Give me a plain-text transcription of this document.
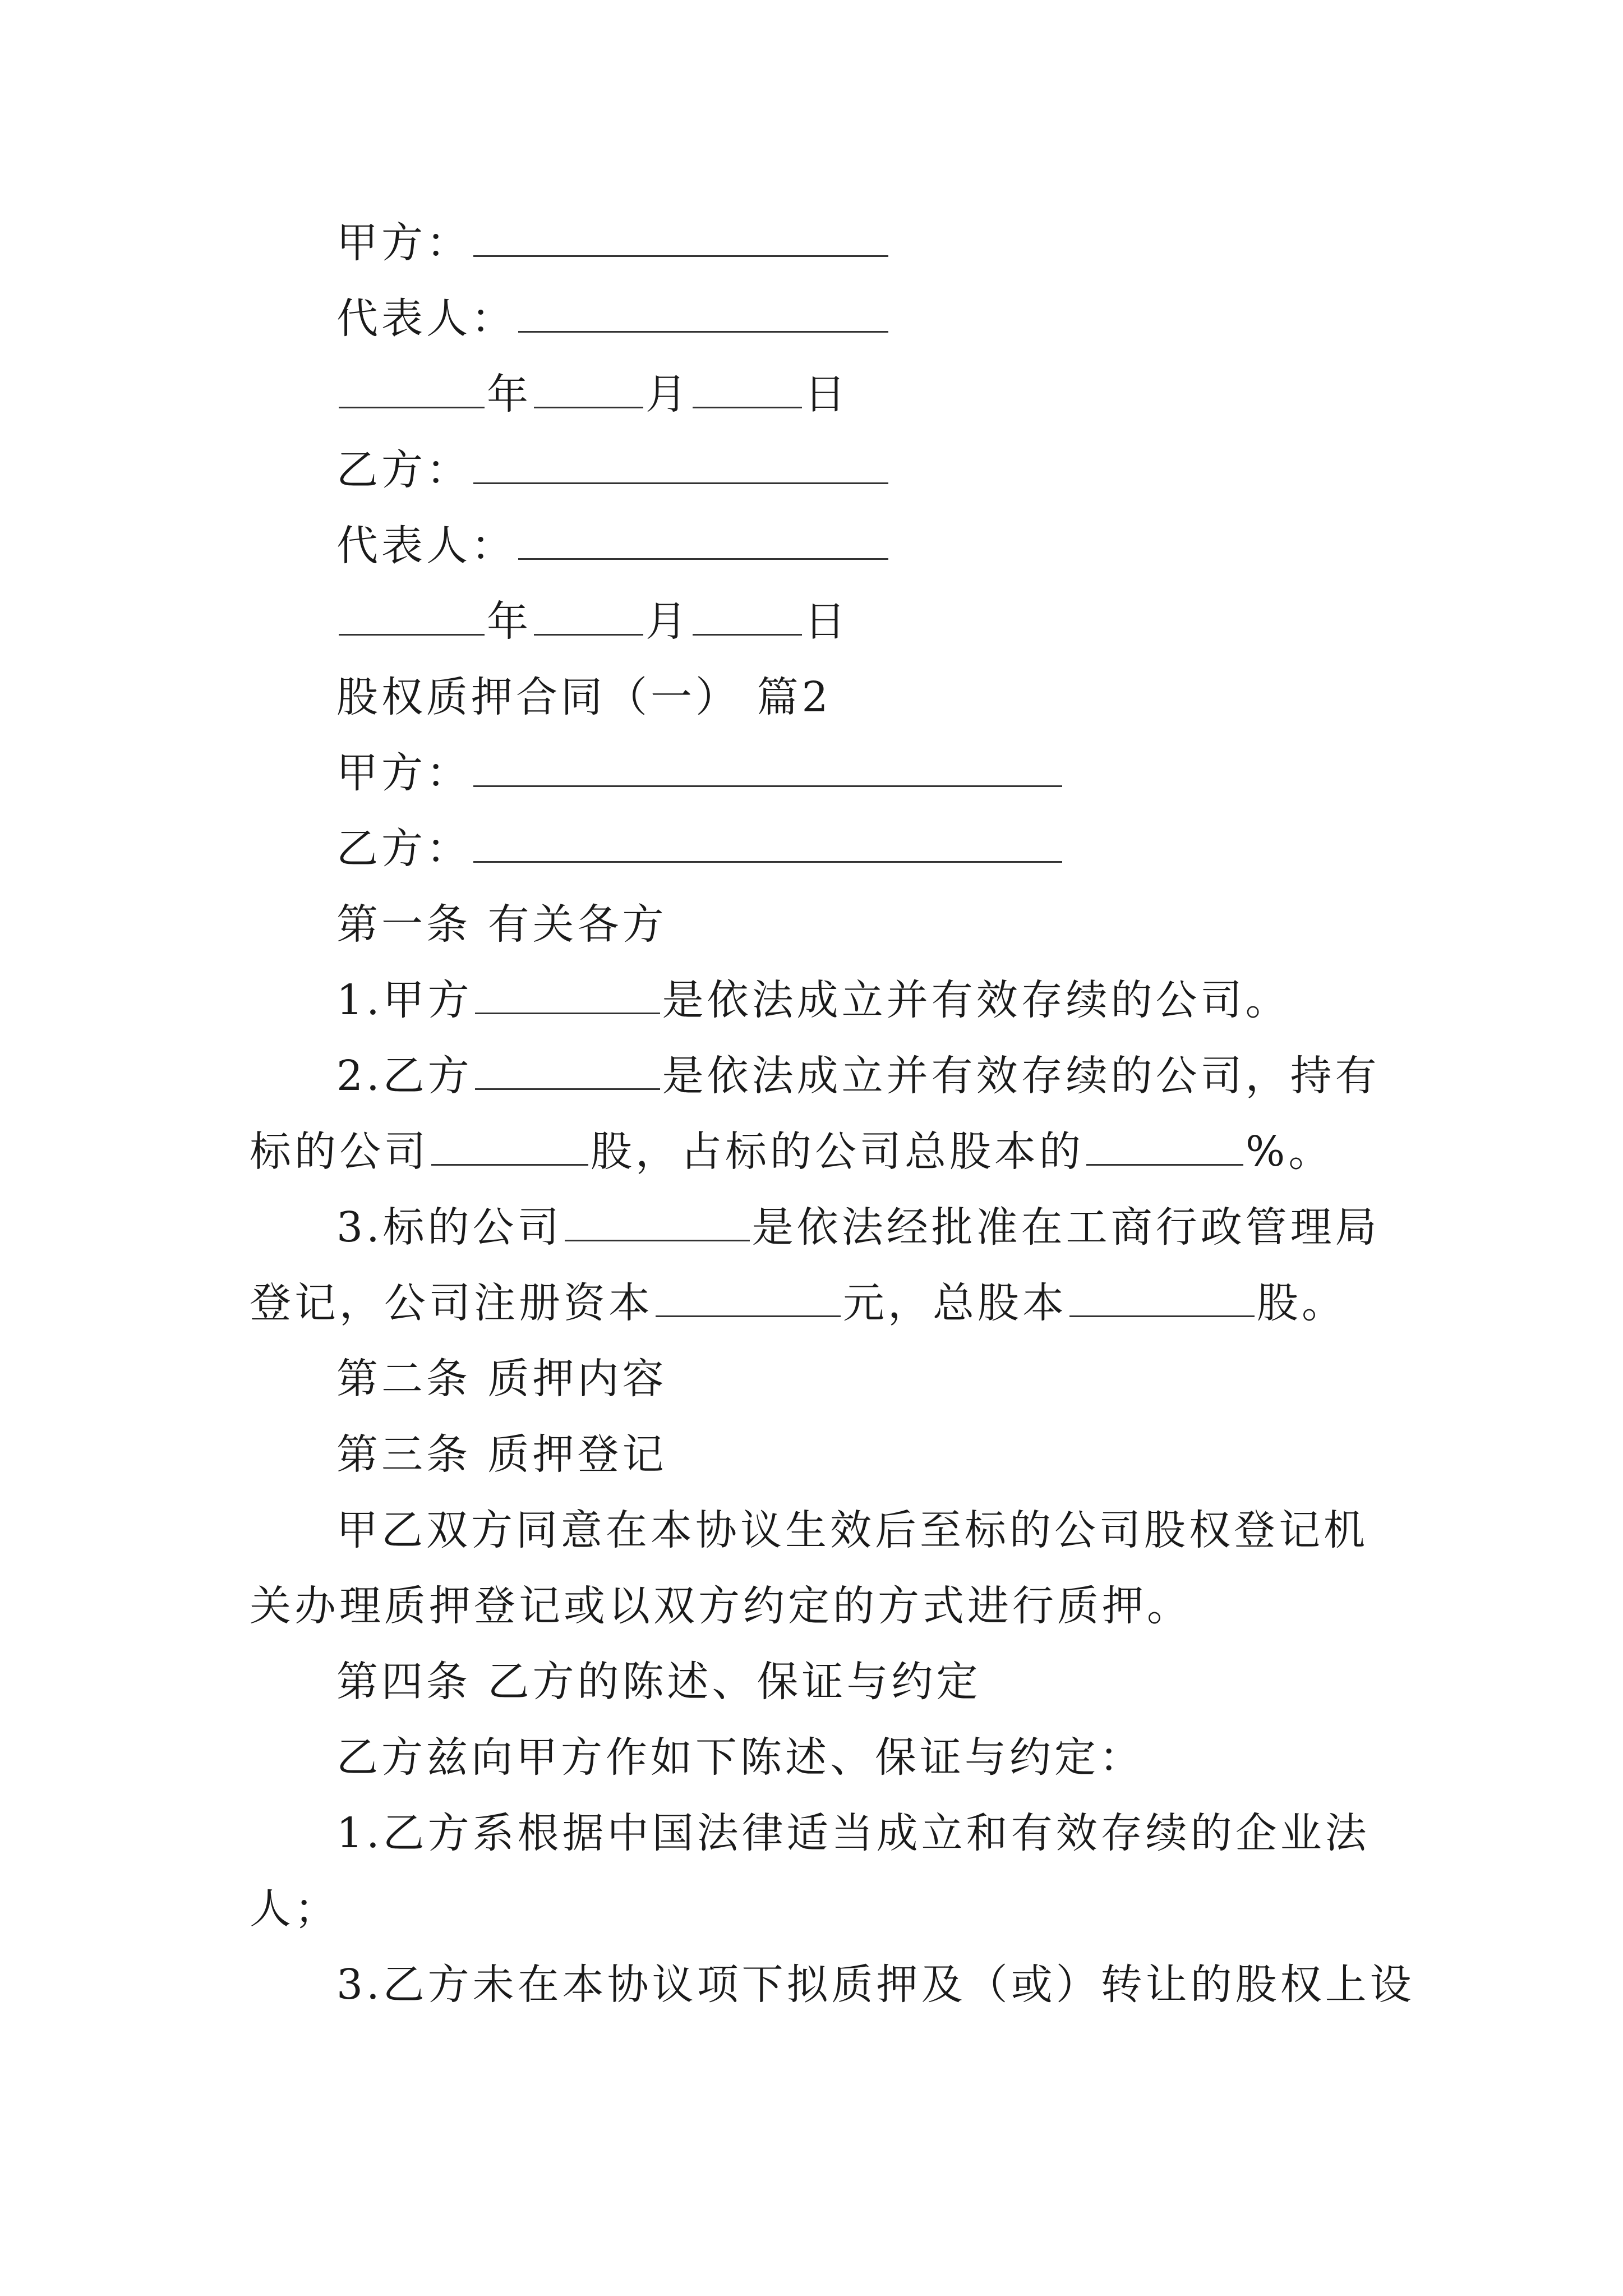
甲方：
代表人：
年	月	日
乙方：
代表人：
年	月	日
股权质押合同（一） 篇2
甲方：
乙方：
第一条 有关各方
1.甲方	是依法成立并有效存续的公司。
2.乙方	是依法成立并有效存续的公司，持有
标的公司	股，占标的公司总股本的	%。
3.标的公司	是依法经批准在工商行政管理局
登记，公司注册资本	元，总股本	股。
第二条 质押内容
第三条 质押登记
甲乙双方同意在本协议生效后至标的公司股权登记机
关办理质押登记或以双方约定的方式进行质押。
第四条 乙方的陈述、保证与约定
乙方兹向甲方作如下陈述、保证与约定：
1.乙方系根据中国法律适当成立和有效存续的企业法
人；
3.乙方未在本协议项下拟质押及（或）转让的股权上设
